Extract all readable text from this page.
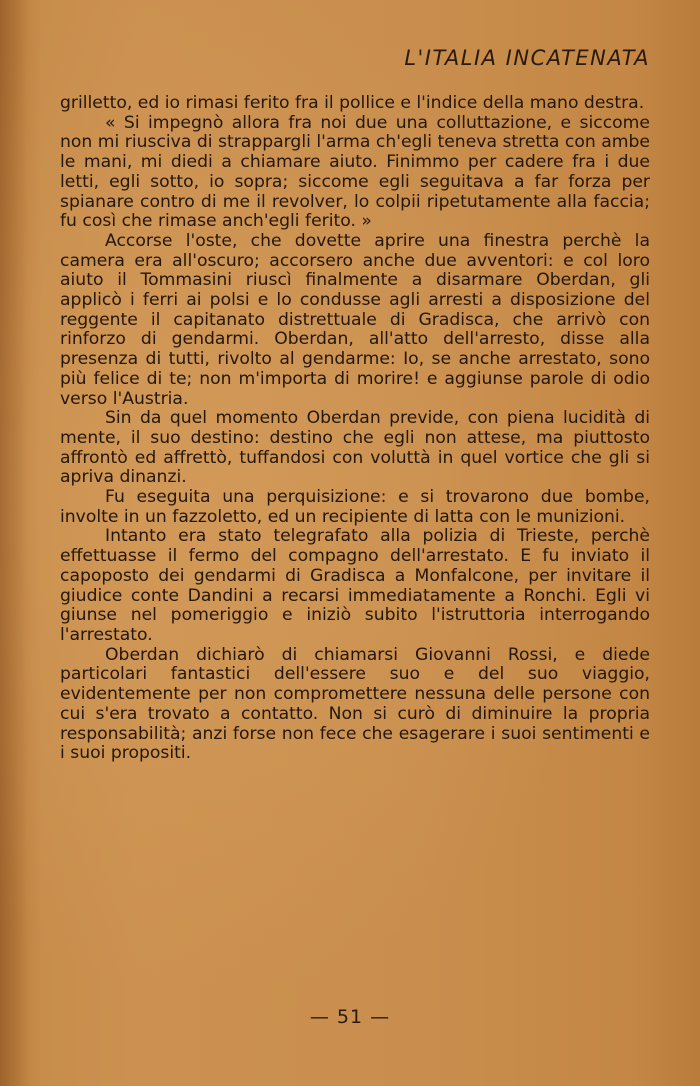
L'ITALIA INCATENATA

grilletto, ed io rimasi ferito fra il pollice e l'indice della mano destra.

« Si impegnò allora fra noi due una colluttazione, e siccome non mi riusciva di strappargli l'arma ch'egli teneva stretta con ambe le mani, mi diedi a chiamare aiuto. Finimmo per cadere fra i due letti, egli sotto, io sopra; siccome egli seguitava a far forza per spianare contro di me il revolver, lo colpii ripetutamente alla faccia; fu così che rimase anch'egli ferito. »

Accorse l'oste, che dovette aprire una finestra perchè la camera era all'oscuro; accorsero anche due avventori: e col loro aiuto il Tommasini riuscì finalmente a disarmare Oberdan, gli applicò i ferri ai polsi e lo condusse agli arresti a disposizione del reggente il capitanato distrettuale di Gradisca, che arrivò con rinforzo di gendarmi. Oberdan, all'atto dell'arresto, disse alla presenza di tutti, rivolto al gendarme: Io, se anche arrestato, sono più felice di te; non m'importa di morire! e aggiunse parole di odio verso l'Austria.

Sin da quel momento Oberdan previde, con piena lucidità di mente, il suo destino: destino che egli non attese, ma piuttosto affrontò ed affrettò, tuffandosi con voluttà in quel vortice che gli si apriva dinanzi.

Fu eseguita una perquisizione: e si trovarono due bombe, involte in un fazzoletto, ed un recipiente di latta con le munizioni.

Intanto era stato telegrafato alla polizia di Trieste, perchè effettuasse il fermo del compagno dell'arrestato. E fu inviato il capoposto dei gendarmi di Gradisca a Monfalcone, per invitare il giudice conte Dandini a recarsi immediatamente a Ronchi. Egli vi giunse nel pomeriggio e iniziò subito l'istruttoria interrogando l'arrestato.

Oberdan dichiarò di chiamarsi Giovanni Rossi, e diede particolari fantastici dell'essere suo e del suo viaggio, evidentemente per non compromettere nessuna delle persone con cui s'era trovato a contatto. Non si curò di diminuire la propria responsabilità; anzi forse non fece che esagerare i suoi sentimenti e i suoi propositi.

— 51 —
